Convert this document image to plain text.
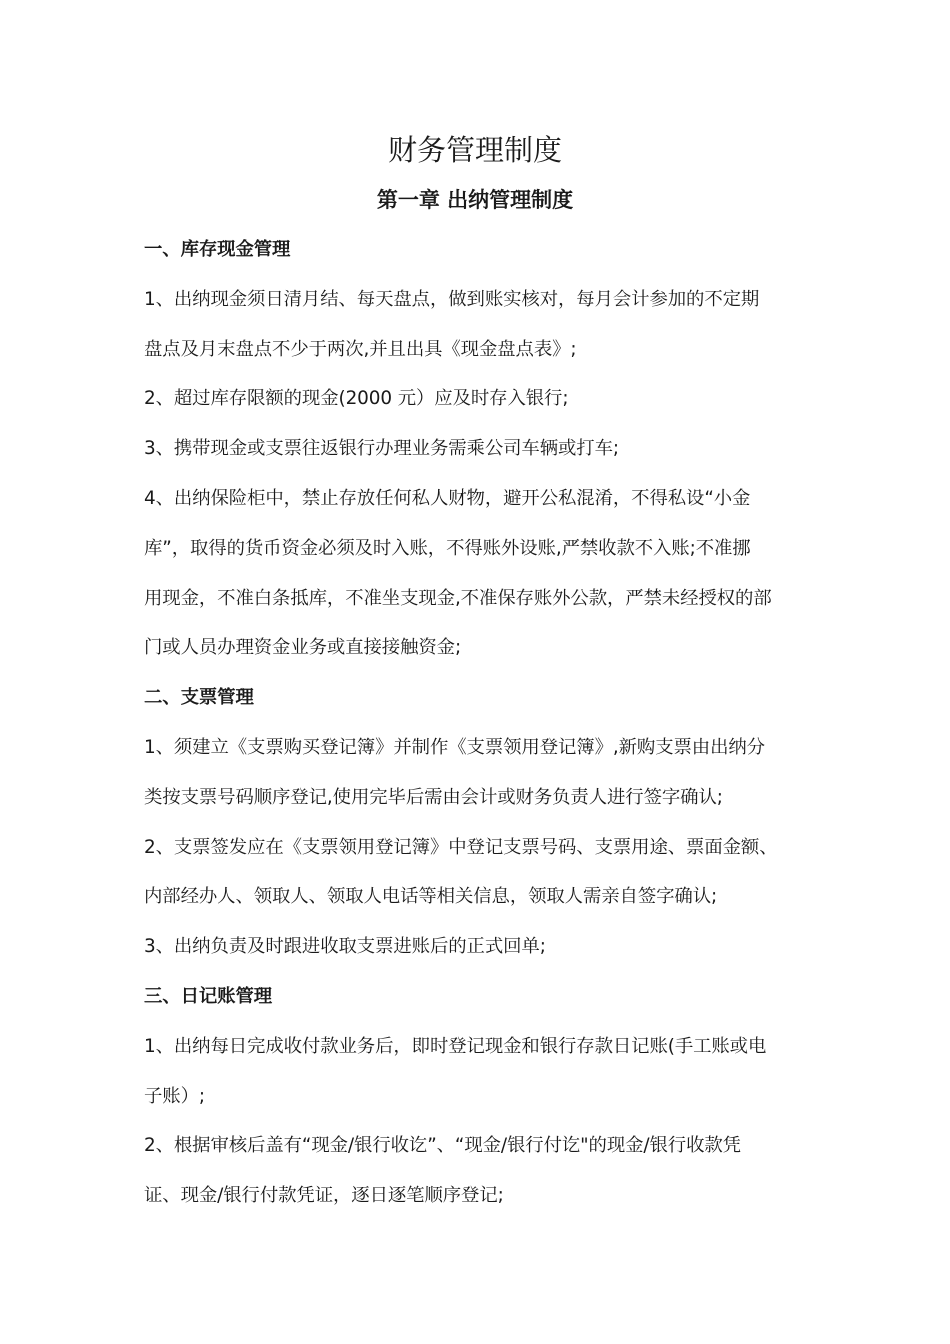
财务管理制度
第一章 出纳管理制度
一、库存现金管理
1、出纳现金须日清月结、每天盘点，做到账实核对，每月会计参加的不定期
盘点及月末盘点不少于两次,并且出具《现金盘点表》;
2、超过库存限额的现金(2000 元）应及时存入银行;
3、携带现金或支票往返银行办理业务需乘公司车辆或打车;
4、出纳保险柜中，禁止存放任何私人财物，避开公私混淆，不得私设“小金
库”，取得的货币资金必须及时入账，不得账外设账,严禁收款不入账;不准挪
用现金，不准白条抵库，不准坐支现金,不准保存账外公款，严禁未经授权的部
门或人员办理资金业务或直接接触资金;
二、支票管理
1、须建立《支票购买登记簿》并制作《支票领用登记簿》,新购支票由出纳分
类按支票号码顺序登记,使用完毕后需由会计或财务负责人进行签字确认;
2、支票签发应在《支票领用登记簿》中登记支票号码、支票用途、票面金额、
内部经办人、领取人、领取人电话等相关信息，领取人需亲自签字确认;
3、出纳负责及时跟进收取支票进账后的正式回单;
三、日记账管理
1、出纳每日完成收付款业务后，即时登记现金和银行存款日记账(手工账或电
子账）;
2、根据审核后盖有“现金/银行收讫”、“现金/银行付讫"的现金/银行收款凭
证、现金/银行付款凭证，逐日逐笔顺序登记;
